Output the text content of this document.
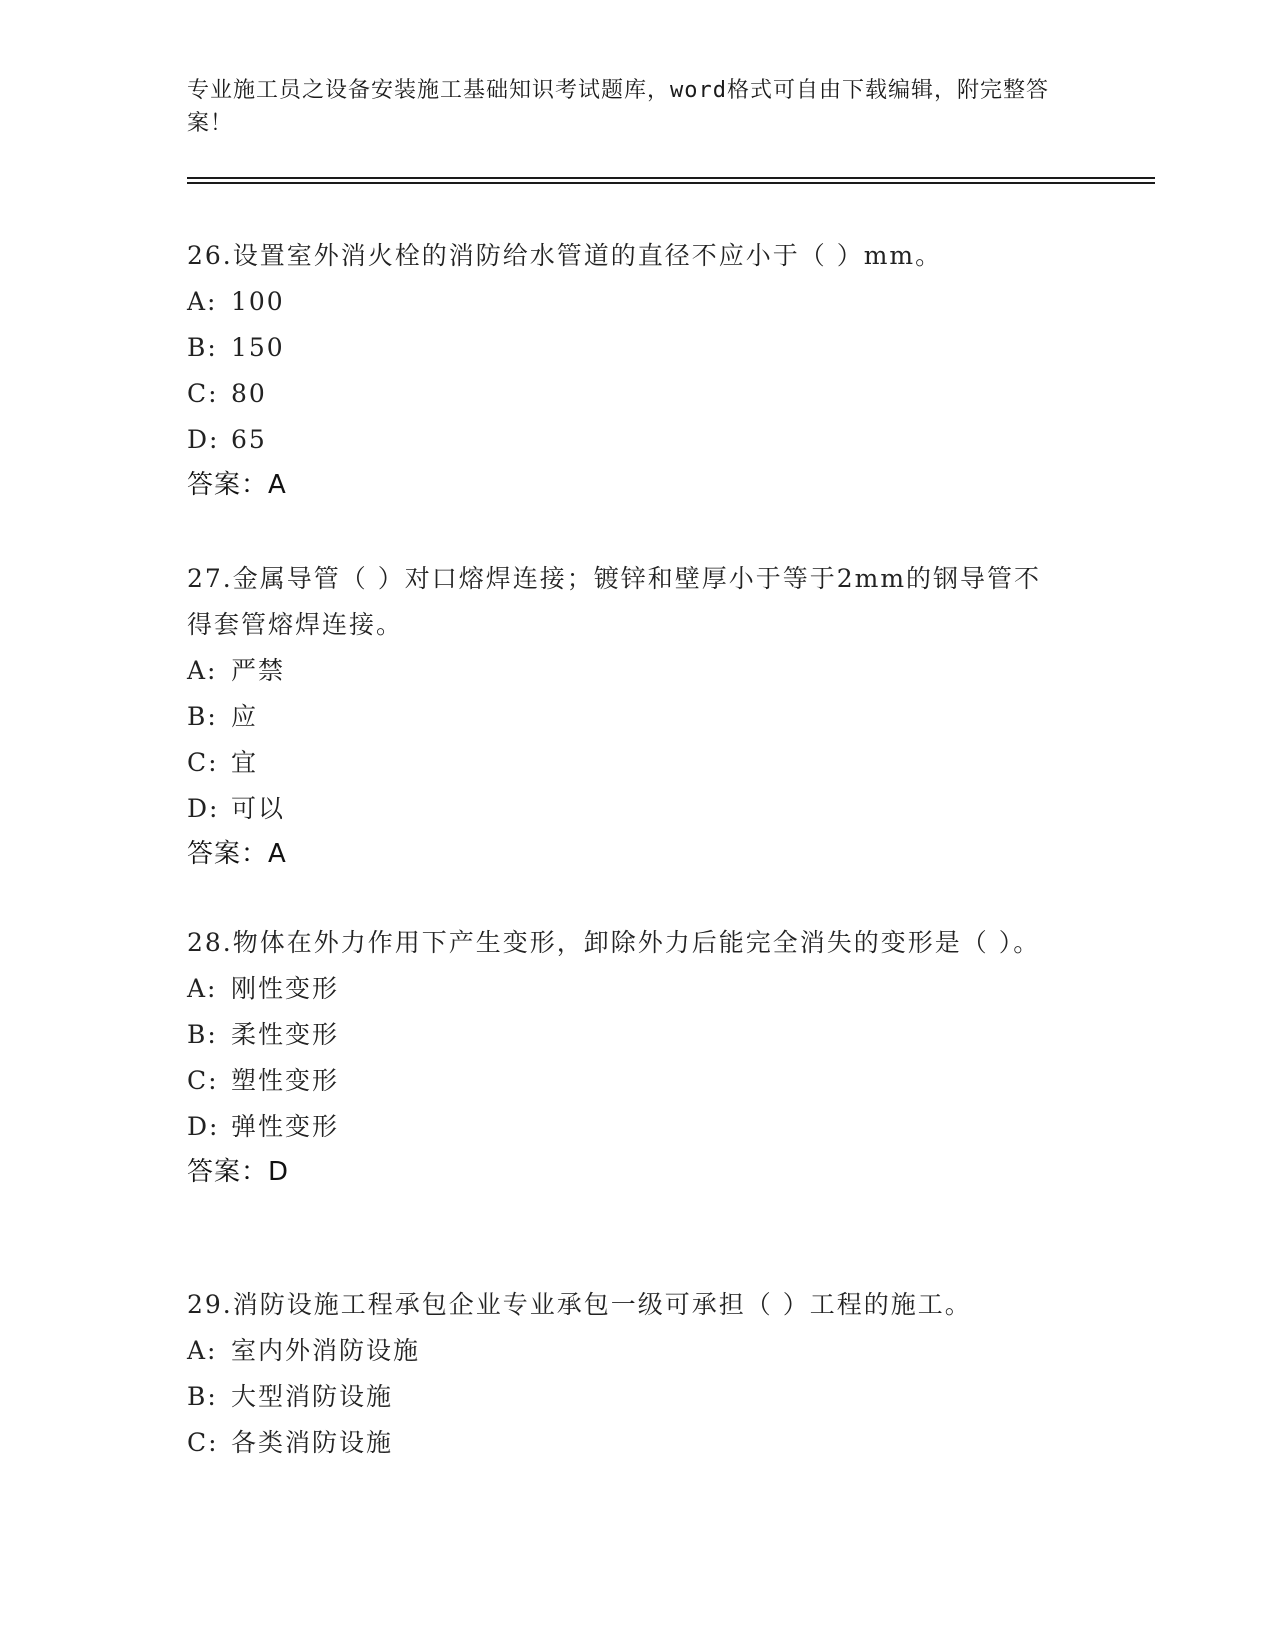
专业施工员之设备安装施工基础知识考试题库，word格式可自由下载编辑，附完整答案！
26.设置室外消火栓的消防给水管道的直径不应小于（ ）mm。
A: 100
B: 150
C: 80
D: 65
答案：A
27.金属导管（ ）对口熔焊连接；镀锌和壁厚小于等于2mm的钢导管不得套管熔焊连接。
A: 严禁
B: 应
C: 宜
D: 可以
答案：A
28.物体在外力作用下产生变形，卸除外力后能完全消失的变形是（ ）。
A: 刚性变形
B: 柔性变形
C: 塑性变形
D: 弹性变形
答案：D
29.消防设施工程承包企业专业承包一级可承担（ ）工程的施工。
A: 室内外消防设施
B: 大型消防设施
C: 各类消防设施
